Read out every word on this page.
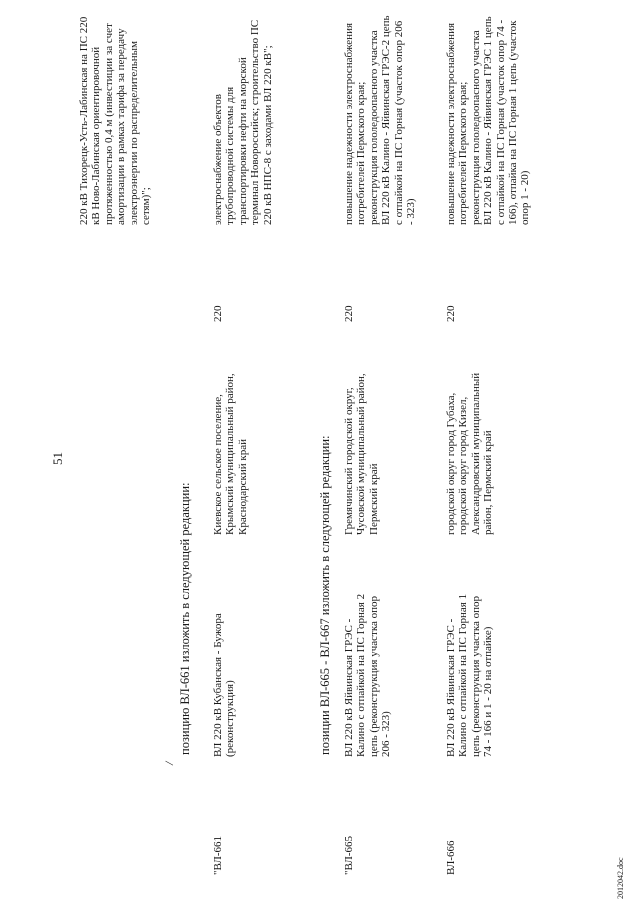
51
220 кВ Тихорецк-Усть-Лабинская на ПС 220 кВ Ново-Лабинская ориентировочной протяженностью 0,4 м (инвестиции за счет амортизации в рамках тарифа за передачу электроэнергии по распределительным сетям)";
/
позицию ВЛ-661 изложить в следующей редакции:
"ВЛ-661
ВЛ 220 кВ Кубанская - Бужора (реконструкция)
Киевское сельское поселение, Крымский муниципальный район, Краснодарский край
220
электроснабжение объектов трубопроводной системы для транспортировки нефти на морской терминал Новороссийск; строительство ПС 220 кВ НПС-8 с заходами ВЛ 220 кВ";
позиции ВЛ-665 - ВЛ-667 изложить в следующей редакции:
"ВЛ-665
ВЛ 220 кВ Яйвинская ГРЭС - Калино с отпайкой на ПС Горная 2 цепь (реконструкция участка опор 206 - 323)
Гремячинский городской округ, Чусовской муниципальный район, Пермский край
220
повышение надежности электроснабжения потребителей Пермского края; реконструкция гололедоопасного участка ВЛ 220 кВ Калино - Яйвинская ГРЭС-2 цепь с отпайкой на ПС Горная (участок опор 206 - 323)
ВЛ-666
ВЛ 220 кВ Яйвинская ГРЭС - Калино с отпайкой на ПС Горная 1 цепь (реконструкция участка опор 74 - 166 и 1 - 20 на отпайке)
городской округ город Губаха, городской округ город Кизел, Александровский муниципальный район, Пермский край
220
повышение надежности электроснабжения потребителей Пермского края; реконструкция гололедоопасного участка ВЛ 220 кВ Калино - Яйвинская ГРЭС 1 цепь с отпайкой на ПС Горная (участок опор 74 - 166), отпайка на ПС Горная 1 цепь (участок опор 1 - 20)
2012042.doc
